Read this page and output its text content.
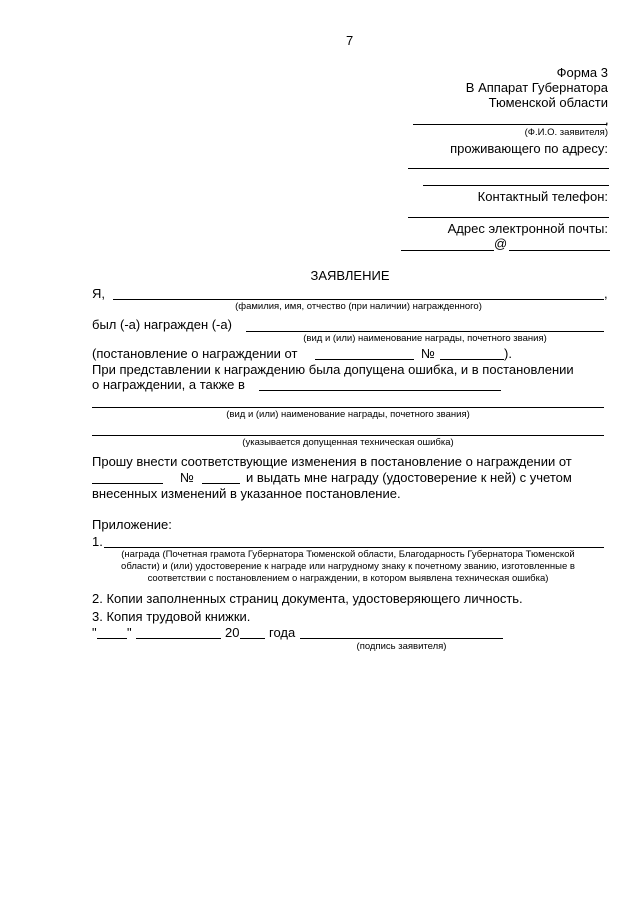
7
Форма 3
В Аппарат Губернатора
Тюменской области
,
(Ф.И.О. заявителя)
проживающего по адресу:
Контактный телефон:
Адрес электронной почты:
@
ЗАЯВЛЕНИЕ
Я,	,
(фамилия, имя, отчество (при наличии) награжденного)
был (-а) награжден (-а)
(вид и (или) наименование награды, почетного звания)
(постановление о награждении от	№	).
При представлении к награждению была допущена ошибка, и в постановлении
о награждении, а также в
(вид и (или) наименование награды, почетного звания)
(указывается допущенная техническая ошибка)
Прошу внести соответствующие изменения в постановление о награждении от
№	и выдать мне награду (удостоверение к ней) с учетом
внесенных изменений в указанное постановление.
Приложение:
1.
(награда (Почетная грамота Губернатора Тюменской области, Благодарность Губернатора Тюменской
области) и (или) удостоверение к награде или нагрудному знаку к почетному званию, изготовленные в
соответствии с постановлением о награждении, в котором выявлена техническая ошибка)
2. Копии заполненных страниц документа, удостоверяющего личность.
3. Копия трудовой книжки.
" "	20 года
(подпись заявителя)
